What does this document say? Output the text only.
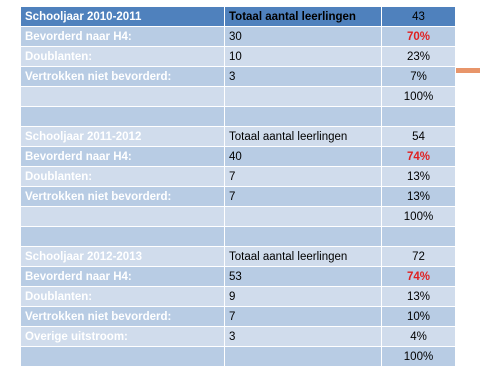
Schooljaar 2010-2011	Totaal aantal leerlingen	43
Bevorderd naar H4:	30	70%
Doublanten:	10	23%
Vertrokken niet bevorderd:	3	7%
		100%

Schooljaar 2011-2012	Totaal aantal leerlingen	54
Bevorderd naar H4:	40	74%
Doublanten:	7	13%
Vertrokken niet bevorderd:	7	13%
		100%

Schooljaar 2012-2013	Totaal aantal leerlingen	72
Bevorderd naar H4:	53	74%
Doublanten:	9	13%
Vertrokken niet bevorderd:	7	10%
Overige uitstroom:	3	4%
		100%
